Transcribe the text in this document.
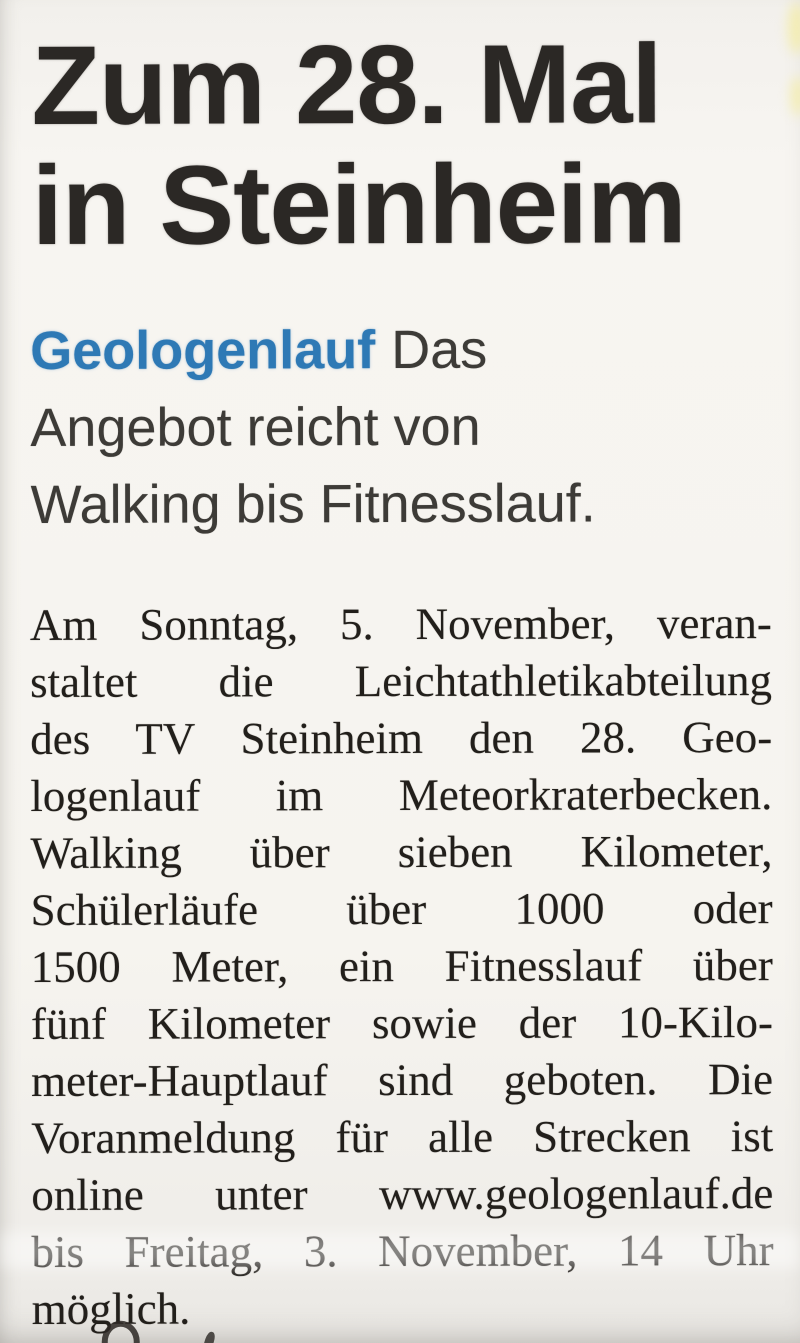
Zum 28. Mal
in Steinheim
Geologenlauf Das
Angebot reicht von
Walking bis Fitnesslauf.
Am Sonntag, 5. November, veran-
staltet die Leichtathletikabteilung
des TV Steinheim den 28. Geo-
logenlauf im Meteorkraterbecken.
Walking über sieben Kilometer,
Schülerläufe über 1000 oder
1500 Meter, ein Fitnesslauf über
fünf Kilometer sowie der 10-Kilo-
meter-Hauptlauf sind geboten. Die
Voranmeldung für alle Strecken ist
online unter www.geologenlauf.de
bis Freitag, 3. November, 14 Uhr
möglich.
